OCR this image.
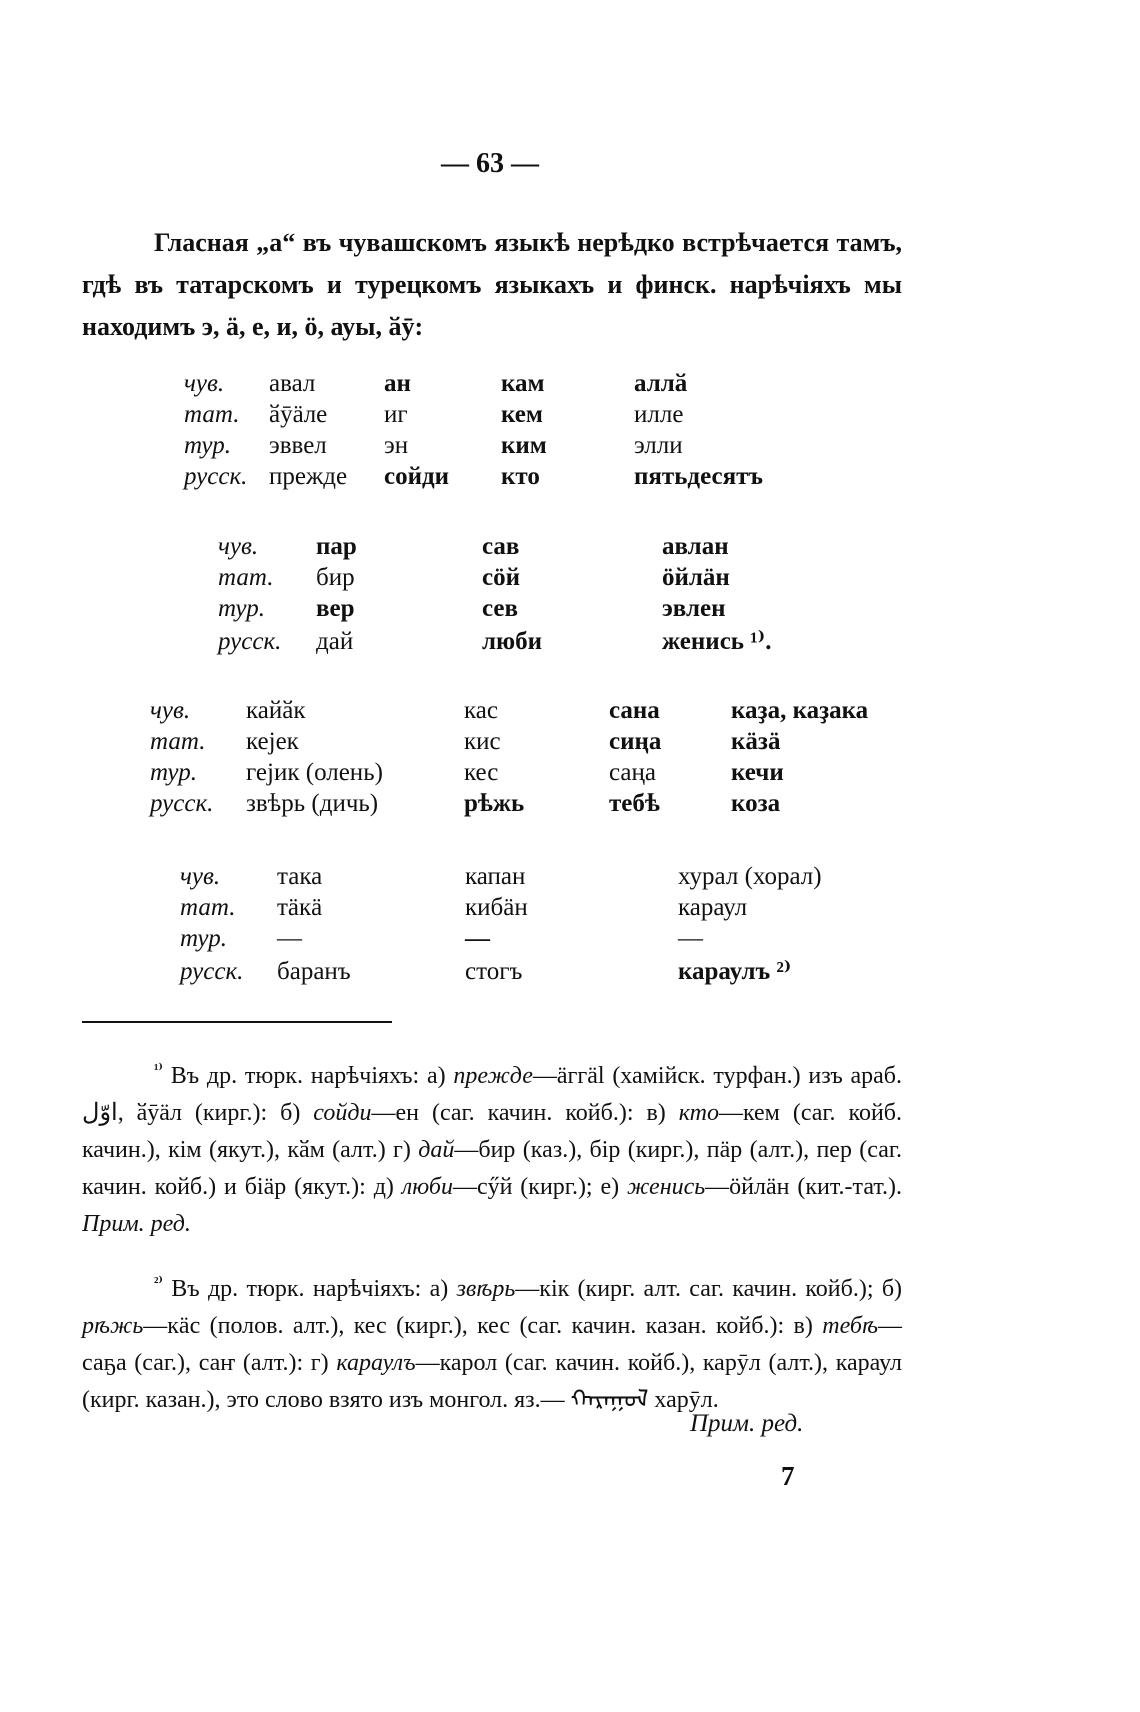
— 63 —

Гласная „а“ въ чувашскомъ языкѣ нерѣдко встрѣчается тамъ, гдѣ въ татарскомъ и турецкомъ языкахъ и финск. нарѣчіяхъ мы находимъ э, ӓ, е, и, ӧ, ауы, ӑӯ:

чув.	авал	ан	кам	аллӑ
тат.	ӑӯӓле	иг	кем	илле
тур.	эввел	эн	ким	элли
русск.	прежде	сойди	кто	пятьдесятъ
чув.	пар	сав	авлан
тат.	бир	сӧй	ӧйлӓн
тур.	вер	сев	эвлен
русск.	дай	люби	женись ¹⁾.
чув.	кайӑк	кас	сана	каҙа, каҙака
тат.	кејек	кис	сиңа	кӓзӓ
тур.	гејик (олень)	кес	саңа	кечи
русск.	звѣрь (дичь)	рѣжь	тебѣ	коза
чув.	така	капан	хурал (хорал)
тат.	тӓкӓ	кибӓн	караул
тур.	—	—	—
русск.	баранъ	стогъ	караулъ ²⁾

$^{^{1)}}$ Въ др. тюрк. нарѣчіяхъ: а) прежде—ӓггӓl (хамійск. турфан.) изъ араб. اوّل, ӑӯӓл (кирг.): б) сойди—ен (саг. качин. койб.): в) кто—кем (саг. койб. качин.), кім (якут.), кӑм (алт.) г) дай—бир (каз.), бір (кирг.), пӓр (алт.), пер (саг. качин. койб.) и біӓр (якут.): д) люби—сӳй (кирг.); е) женись—ӧйлӓн (кит.-тат.). Прим. ред.

$^{^{2)}}$ Въ др. тюрк. нарѣчіяхъ: а) звѣрь—кік (кирг. алт. саг. качин. койб.); б) рѣжь—кӓс (полов. алт.), кес (кирг.), кес (саг. качин. казан. койб.): в) тебѣ—саҕа (саг.), саҥ (алт.): г) караулъ—карол (саг. качин. койб.), карӯл (алт.), караул (кирг. казан.), это слово взято изъ монгол. яз.— ᠬᠠᠷᠠᠭᠤᠯ харӯл.

Прим. ред.
7
